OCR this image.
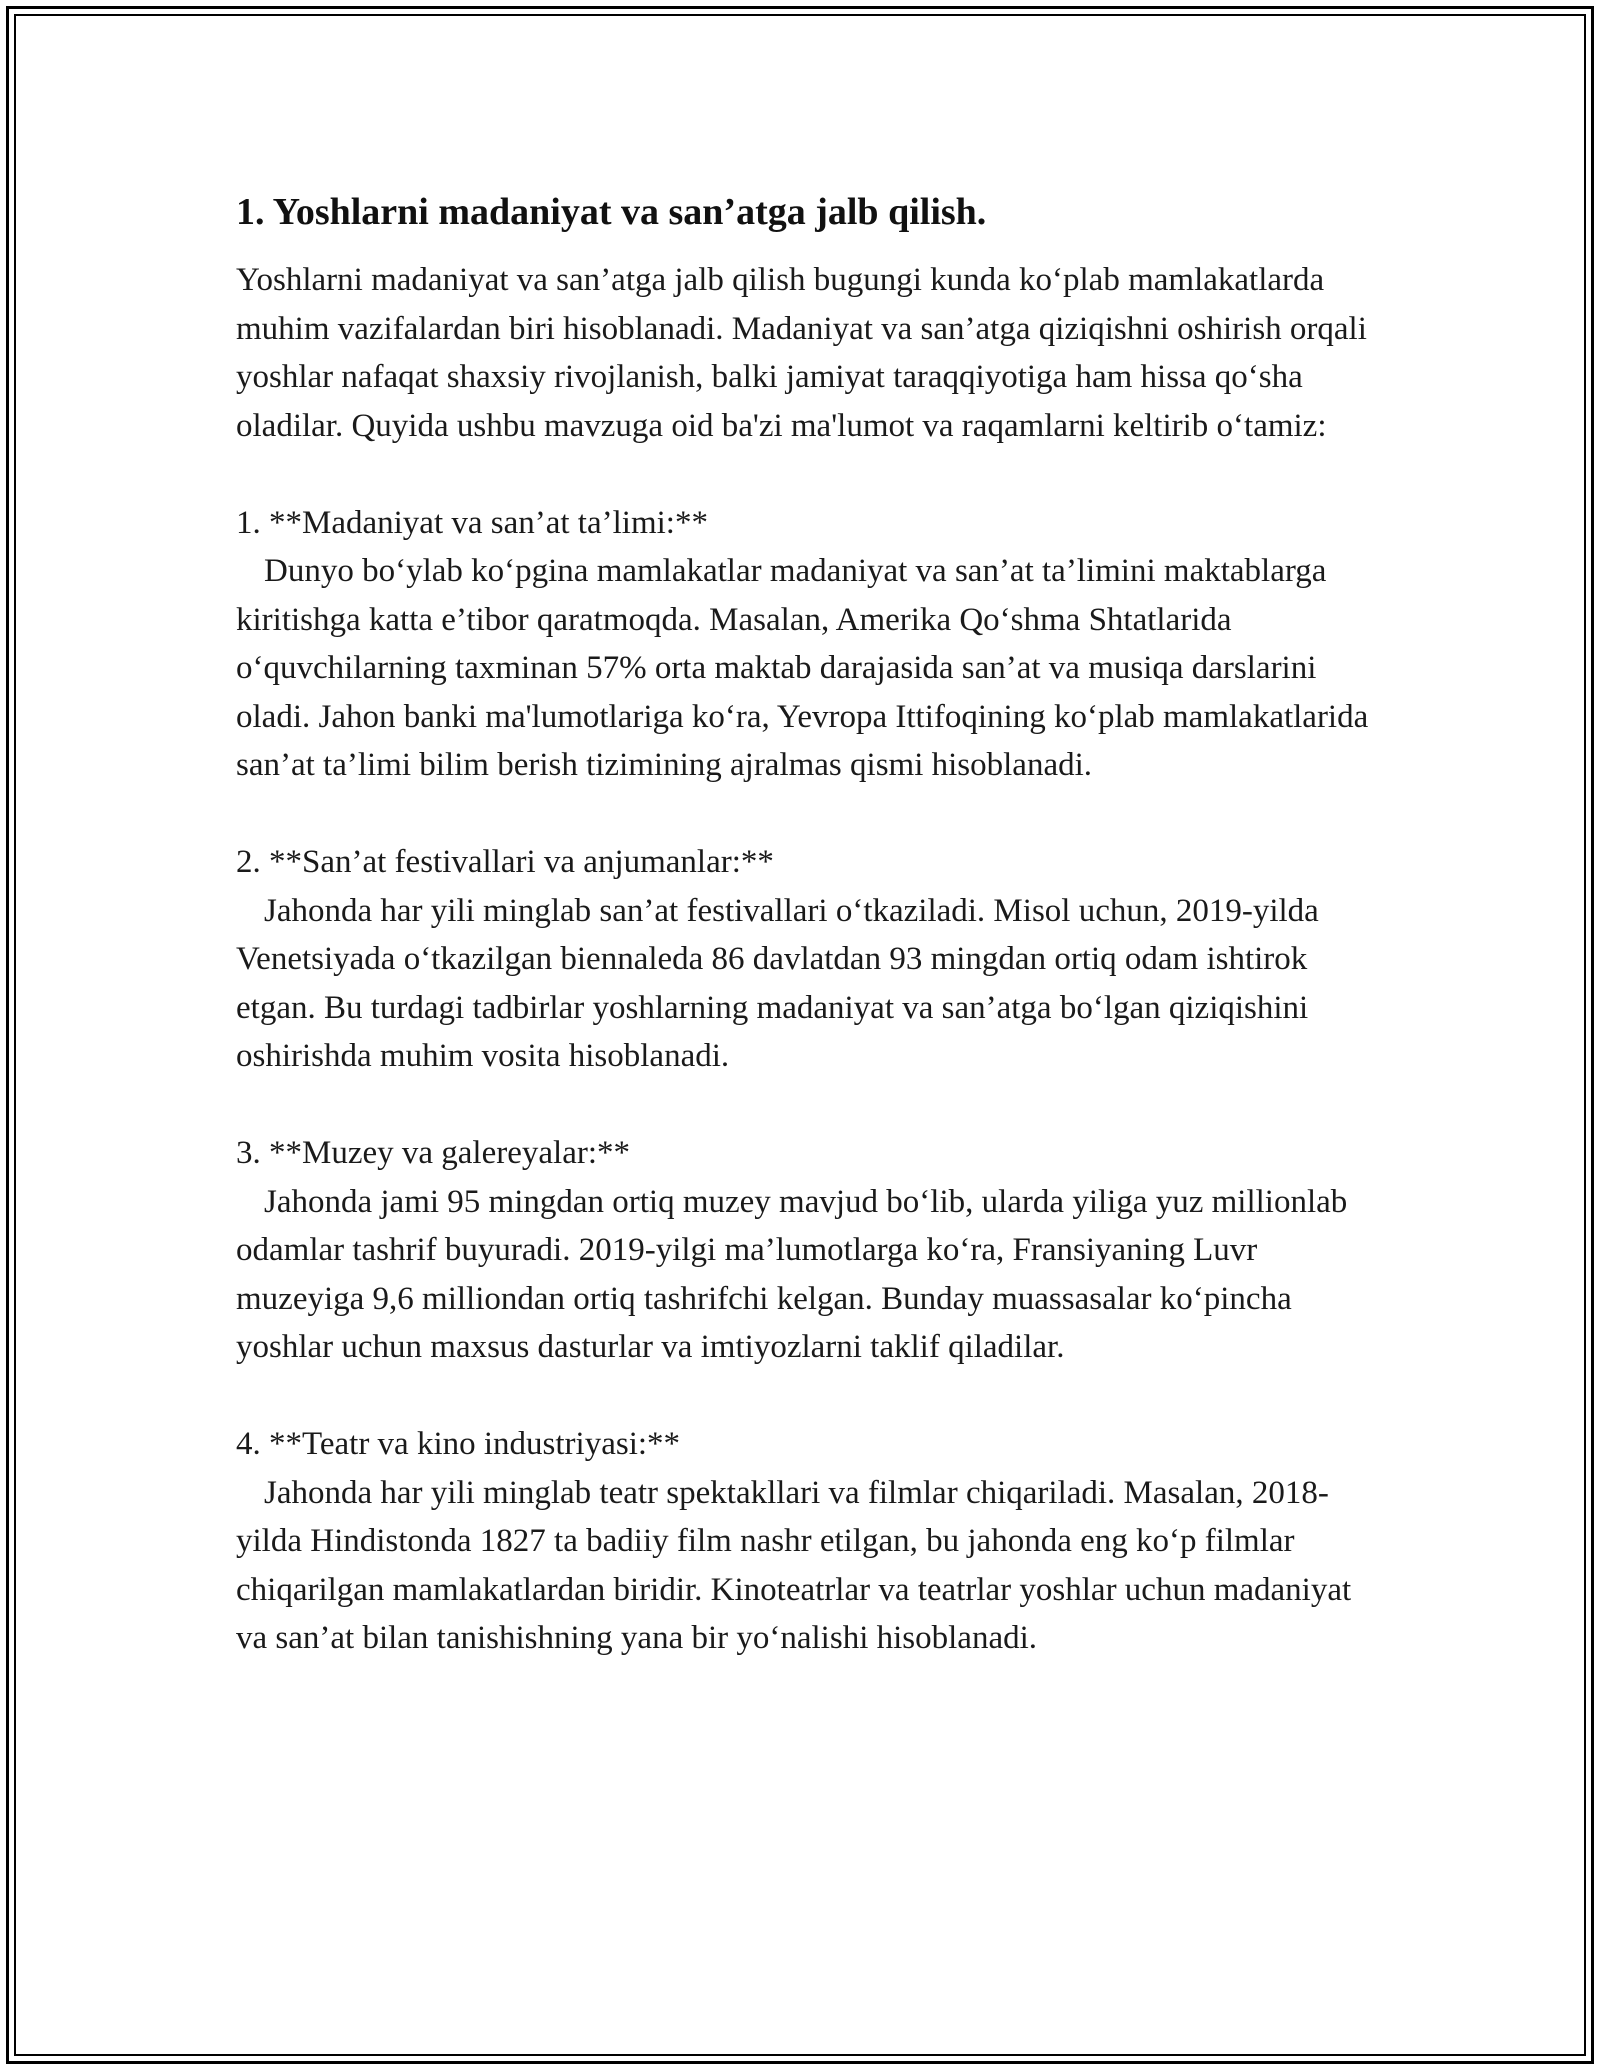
1. Yoshlarni madaniyat va san’atga jalb qilish.

Yoshlarni madaniyat va san’atga jalb qilish bugungi kunda ko‘plab mamlakatlarda muhim vazifalardan biri hisoblanadi. Madaniyat va san’atga qiziqishni oshirish orqali yoshlar nafaqat shaxsiy rivojlanish, balki jamiyat taraqqiyotiga ham hissa qo‘sha oladilar. Quyida ushbu mavzuga oid ba'zi ma'lumot va raqamlarni keltirib o‘tamiz:

1. **Madaniyat va san’at ta’limi:**

Dunyo bo‘ylab ko‘pgina mamlakatlar madaniyat va san’at ta’limini maktablarga kiritishga katta e’tibor qaratmoqda. Masalan, Amerika Qo‘shma Shtatlarida o‘quvchilarning taxminan 57% orta maktab darajasida san’at va musiqa darslarini oladi. Jahon banki ma'lumotlariga ko‘ra, Yevropa Ittifoqining ko‘plab mamlakatlarida san’at ta’limi bilim berish tizimining ajralmas qismi hisoblanadi.

2. **San’at festivallari va anjumanlar:**

Jahonda har yili minglab san’at festivallari o‘tkaziladi. Misol uchun, 2019-yilda Venetsiyada o‘tkazilgan biennaleda 86 davlatdan 93 mingdan ortiq odam ishtirok etgan. Bu turdagi tadbirlar yoshlarning madaniyat va san’atga bo‘lgan qiziqishini oshirishda muhim vosita hisoblanadi.

3. **Muzey va galereyalar:**

Jahonda jami 95 mingdan ortiq muzey mavjud bo‘lib, ularda yiliga yuz millionlab odamlar tashrif buyuradi. 2019-yilgi ma’lumotlarga ko‘ra, Fransiyaning Luvr muzeyiga 9,6 milliondan ortiq tashrifchi kelgan. Bunday muassasalar ko‘pincha yoshlar uchun maxsus dasturlar va imtiyozlarni taklif qiladilar.

4. **Teatr va kino industriyasi:**

Jahonda har yili minglab teatr spektakllari va filmlar chiqariladi. Masalan, 2018-yilda Hindistonda 1827 ta badiiy film nashr etilgan, bu jahonda eng ko‘p filmlar chiqarilgan mamlakatlardan biridir. Kinoteatrlar va teatrlar yoshlar uchun madaniyat va san’at bilan tanishishning yana bir yo‘nalishi hisoblanadi.
